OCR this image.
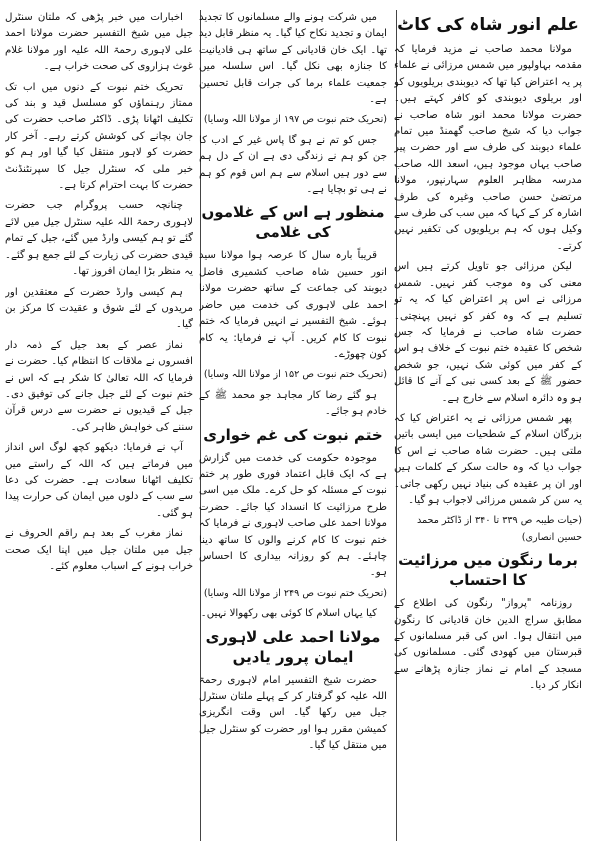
علم انور شاہ کی کاٹ

مولانا محمد صاحب نے مزید فرمایا کہ مقدمہ بہاولپور میں شمس مرزائی نے علماء پر یہ اعتراض کیا تھا کہ دیوبندی بریلویوں کو اور بریلوی دیوبندی کو کافر کہتے ہیں۔ حضرت مولانا محمد انور شاہ صاحب نے جواب دیا کہ شیخ صاحب گھمنڈ میں تمام علماء دیوبند کی طرف سے اور حضرت پیر صاحب یہاں موجود ہیں، اسعد اللہ صاحب مدرسہ مظاہر العلوم سہارنپور، مولانا مرتضیٰ حسن صاحب وغیرہ کی طرف اشارہ کر کے کہا کہ میں سب کی طرف سے وکیل ہوں کہ ہم بریلویوں کی تکفیر نہیں کرتے۔

لیکن مرزائی جو تاویل کرتے ہیں اس معنی کی وہ موجب کفر نہیں۔ شمس مرزائی نے اس پر اعتراض کیا کہ یہ تو تسلیم ہے کہ وہ کفر کو نہیں پہنچتی۔ حضرت شاہ صاحب نے فرمایا کہ جس شخص کا عقیدہ ختم نبوت کے خلاف ہو اس کے کفر میں کوئی شک نہیں، جو شخص حضور ﷺ کے بعد کسی نبی کے آنے کا قائل ہو وہ دائرہ اسلام سے خارج ہے۔

پھر شمس مرزائی نے یہ اعتراض کیا کہ بزرگان اسلام کے شطحیات میں ایسی باتیں ملتی ہیں۔ حضرت شاہ صاحب نے اس کا جواب دیا کہ وہ حالت سکر کے کلمات ہیں اور ان پر عقیدہ کی بنیاد نہیں رکھی جاتی۔ یہ سن کر شمس مرزائی لاجواب ہو گیا۔

(حیات طیبہ ص ۳۳۹ تا ۳۴۰ از ڈاکٹر محمد حسین انصاری)

برما رنگون میں مرزائیت کا احتساب

روزنامہ "پرواز" رنگون کی اطلاع کے مطابق سراج الدین خان قادیانی کا رنگون میں انتقال ہوا۔ اس کی قبر مسلمانوں کے قبرستان میں کھودی گئی۔ مسلمانوں کی مسجد کے امام نے نماز جنازہ پڑھانے سے انکار کر دیا۔

میں شرکت ہونے والے مسلمانوں کا تجدید ایمان و تجدید نکاح کیا گیا۔ یہ منظر قابل دید تھا۔ ایک خان قادیانی کے ساتھ ہی قادیانیت کا جنازہ بھی نکل گیا۔ اس سلسلہ میں جمعیت علماء برما کی جرات قابل تحسین ہے۔

(تحریک ختم نبوت ص ۱۹۷ از مولانا اللہ وسایا)

جس کو تم نے ہو گا پاس غیر کے ادب کا جن کو ہم نے زندگی دی ہے ان کے دل ہم سے دور ہیں اسلام سے ہم اس قوم کو ہم نے ہی تو بچایا ہے۔

منظور ہے اس کے غلاموں کی غلامی

قریباً بارہ سال کا عرصہ ہوا مولانا سید انور حسین شاہ صاحب کشمیری فاضل دیوبند کی جماعت کے ساتھ حضرت مولانا احمد علی لاہوری کی خدمت میں حاضر ہوئے۔ شیخ التفسیر نے انہیں فرمایا کہ ختم نبوت کا کام کریں۔ آپ نے فرمایا: یہ کام کون چھوڑے۔

(تحریک ختم نبوت ص ۱۵۲ از مولانا اللہ وسایا)

ہو گئے رضا کار مجاہد جو محمد ﷺ کے خادم ہو جائے۔

ختم نبوت کی غم خواری

موجودہ حکومت کی خدمت میں گزارش ہے کہ ایک قابل اعتماد فوری طور پر ختم نبوت کے مسئلہ کو حل کرے۔ ملک میں اسی طرح مرزائیت کا انسداد کیا جائے۔ حضرت مولانا احمد علی صاحب لاہوری نے فرمایا کہ ختم نبوت کا کام کرنے والوں کا ساتھ دینا چاہئے۔ ہم کو روزانہ بیداری کا احساس ہو۔

(تحریک ختم نبوت ص ۲۴۹ از مولانا اللہ وسایا)

کیا یہاں اسلام کا کوئی بھی رکھوالا نہیں۔

مولانا احمد علی لاہوری ایمان پرور یادیں

حضرت شیخ التفسیر امام لاہوری رحمۃ اللہ علیہ کو گرفتار کر کے پہلے ملتان سنٹرل جیل میں رکھا گیا۔ اس وقت انگریزی کمیشن مقرر ہوا اور حضرت کو سنٹرل جیل میں منتقل کیا گیا۔

اخبارات میں خبر پڑھی کہ ملتان سنٹرل جیل میں شیخ التفسیر حضرت مولانا احمد علی لاہوری رحمۃ اللہ علیہ اور مولانا غلام غوث ہزاروی کی صحت خراب ہے۔

تحریک ختم نبوت کے دنوں میں اب تک ممتاز رہنماؤں کو مسلسل قید و بند کی تکلیف اٹھانا پڑی۔ ڈاکٹر صاحب حضرت کی جان بچانے کی کوشش کرتے رہے۔ آخر کار حضرت کو لاہور منتقل کیا گیا اور ہم کو خبر ملی کہ سنٹرل جیل کا سپرنٹنڈنٹ حضرت کا بہت احترام کرتا ہے۔

چنانچہ حسب پروگرام جب حضرت لاہوری رحمۃ اللہ علیہ سنٹرل جیل میں لائے گئے تو ہم کیسی وارڈ میں گئے، جیل کے تمام قیدی حضرت کی زیارت کے لئے جمع ہو گئے۔ یہ منظر بڑا ایمان افروز تھا۔

ہم کیسی وارڈ حضرت کے معتقدین اور مریدوں کے لئے شوق و عقیدت کا مرکز بن گیا۔

نماز عصر کے بعد جیل کے ذمہ دار افسروں نے ملاقات کا انتظام کیا۔ حضرت نے فرمایا کہ اللہ تعالیٰ کا شکر ہے کہ اس نے ختم نبوت کے لئے جیل جانے کی توفیق دی۔ جیل کے قیدیوں نے حضرت سے درس قرآن سننے کی خواہش ظاہر کی۔

آپ نے فرمایا: دیکھو کچھ لوگ اس انداز میں فرماتے ہیں کہ اللہ کے راستے میں تکلیف اٹھانا سعادت ہے۔ حضرت کی دعا سے سب کے دلوں میں ایمان کی حرارت پیدا ہو گئی۔

نماز مغرب کے بعد ہم راقم الحروف نے جیل میں ملتان جیل میں اپنا ایک صحت خراب ہونے کے اسباب معلوم کئے۔
